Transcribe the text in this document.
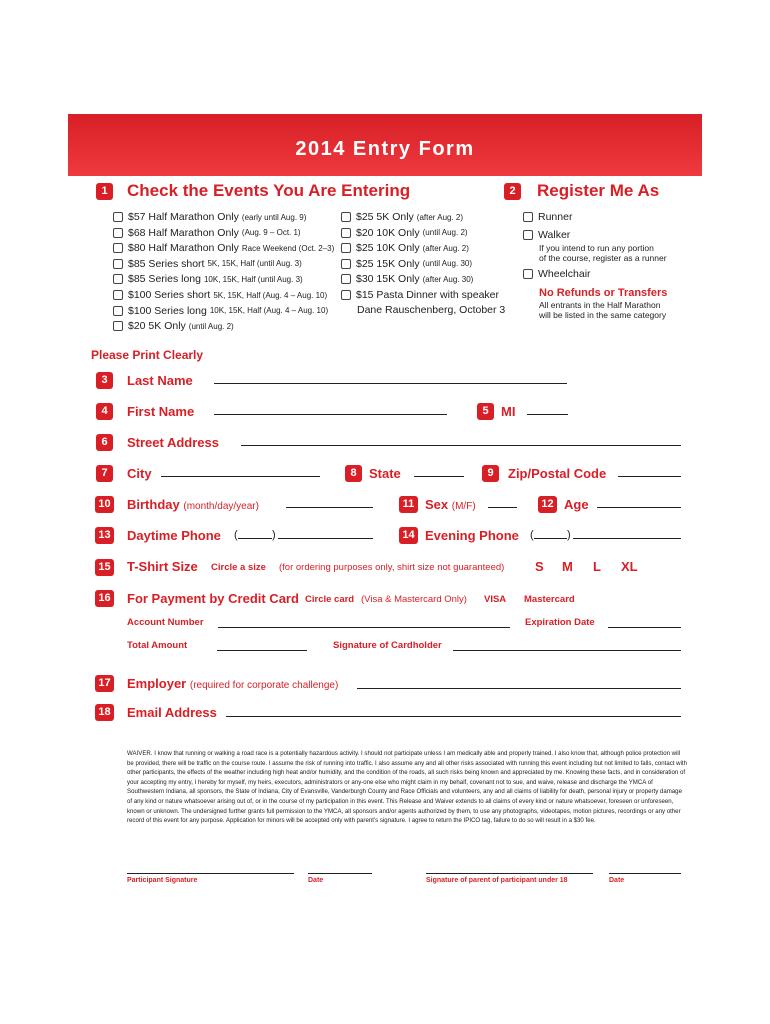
2014 Entry Form
1	Check the Events You Are Entering
$57 Half Marathon Only (early until Aug. 9)
$68 Half Marathon Only (Aug. 9 – Oct. 1)
$80 Half Marathon Only Race Weekend (Oct. 2–3)
$85 Series short 5K, 15K, Half (until Aug. 3)
$85 Series long 10K, 15K, Half (until Aug. 3)
$100 Series short 5K, 15K, Half (Aug. 4 – Aug. 10)
$100 Series long 10K, 15K, Half (Aug. 4 – Aug. 10)
$20 5K Only (until Aug. 2)
$25 5K Only (after Aug. 2)
$20 10K Only (until Aug. 2)
$25 10K Only (after Aug. 2)
$25 15K Only (until Aug. 30)
$30 15K Only (after Aug. 30)
$15 Pasta Dinner with speaker
Dane Rauschenberg, October 3
2	Register Me As
Runner
Walker
If you intend to run any portion
of the course, register as a runner
Wheelchair
No Refunds or Transfers
All entrants in the Half Marathon
will be listed in the same category
Please Print Clearly
3	Last Name
4	First Name	5 MI
6	Street Address
7	City	8 State	9	Zip/Postal Code
10 Birthday (month/day/year)	11 Sex (M/F)	12 Age
13 Daytime Phone (	)	14 Evening Phone (	)
15 T-Shirt Size Circle a size (for ordering purposes only, shirt size not guaranteed) S M L XL
16 For Payment by Credit Card Circle card (Visa & Mastercard Only) VISA Mastercard
Account Number	Expiration Date
Total Amount	Signature of Cardholder
17 Employer (required for corporate challenge)
18 Email Address
WAIVER. I know that running or walking a road race is a potentially hazardous activity. I should not participate unless I am medically able and properly trained. I also know that, although police protection will be provided, there will be traffic on the course route. I assume the risk of running into traffic. I also assume any and all other risks associated with running this event including but not limited to falls, contact with other participants, the effects of the weather including high heat and/or humidity, and the condition of the roads, all such risks being known and appreciated by me. Knowing these facts, and in consideration of your accepting my entry, I hereby for myself, my heirs, executors, administrators or any-one else who might claim in my behalf, covenant not to sue, and waive, release and discharge the YMCA of Southwestern Indiana, all sponsors, the State of Indiana, City of Evansville, Vanderburgh County and Race Officials and volunteers, any and all claims of liability for death, personal injury or property damage of any kind or nature whatsoever arising out of, or in the course of my participation in this event. This Release and Waiver extends to all claims of every kind or nature whatsoever, foreseen or unforeseen, known or unknown. The undersigned further grants full permission to the YMCA, all sponsors and/or agents authorized by them, to use any photographs, videotapes, motion pictures, recordings or any other record of this event for any purpose. Application for minors will be accepted only with parent’s signature. I agree to return the IPICO tag, failure to do so will result in a $30 fee.
Participant Signature	Date	Signature of parent of participant under 18	Date
